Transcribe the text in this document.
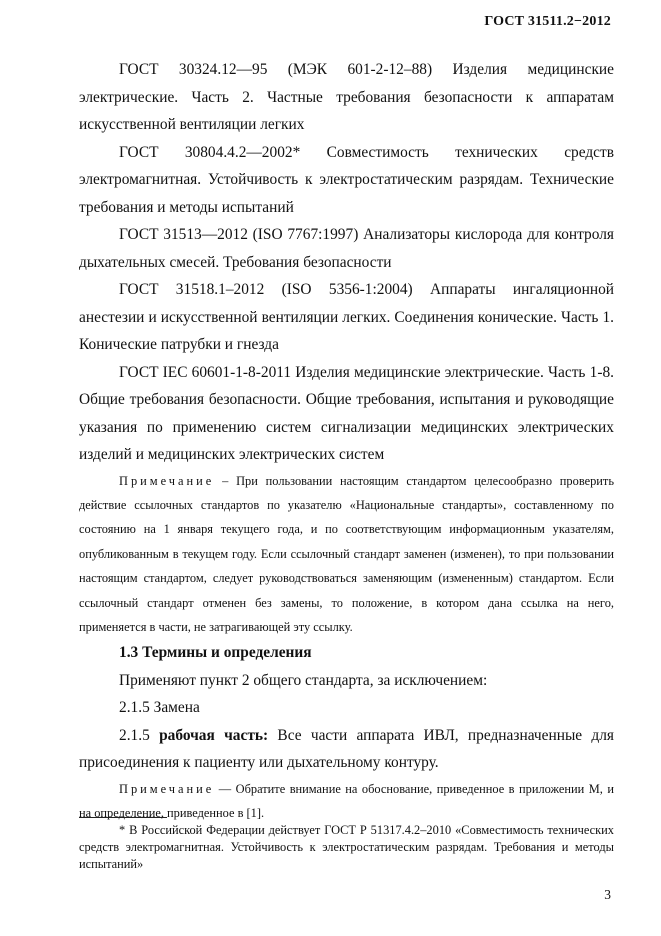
ГОСТ 31511.2−2012

ГОСТ 30324.12—95 (МЭК 601-2-12–88) Изделия медицинские электрические. Часть 2. Частные требования безопасности к аппаратам искусственной вентиляции легких

ГОСТ 30804.4.2—2002* Совместимость технических средств электромагнитная. Устойчивость к электростатическим разрядам. Технические требования и методы испытаний

ГОСТ 31513—2012 (ISO 7767:1997) Анализаторы кислорода для контроля дыхательных смесей. Требования безопасности

ГОСТ 31518.1–2012 (ISO 5356-1:2004) Аппараты ингаляционной анестезии и искусственной вентиляции легких. Соединения конические. Часть 1. Конические патрубки и гнезда

ГОСТ IEC 60601-1-8-2011 Изделия медицинские электрические. Часть 1-8. Общие требования безопасности. Общие требования, испытания и руководящие указания по применению систем сигнализации медицинских электрических изделий и медицинских электрических систем

Примечание – При пользовании настоящим стандартом целесообразно проверить действие ссылочных стандартов по указателю «Национальные стандарты», составленному по состоянию на 1 января текущего года, и по соответствующим информационным указателям, опубликованным в текущем году. Если ссылочный стандарт заменен (изменен), то при пользовании настоящим стандартом, следует руководствоваться заменяющим (измененным) стандартом. Если ссылочный стандарт отменен без замены, то положение, в котором дана ссылка на него, применяется в части, не затрагивающей эту ссылку.

1.3 Термины и определения

Применяют пункт 2 общего стандарта, за исключением:

2.1.5 Замена

2.1.5 рабочая часть: Все части аппарата ИВЛ, предназначенные для присоединения к пациенту или дыхательному контуру.

Примечание — Обратите внимание на обоснование, приведенное в приложении М, и на определение, приведенное в [1].

* В Российской Федерации действует ГОСТ Р 51317.4.2–2010 «Совместимость технических средств электромагнитная. Устойчивость к электростатическим разрядам. Требования и методы испытаний»

3
